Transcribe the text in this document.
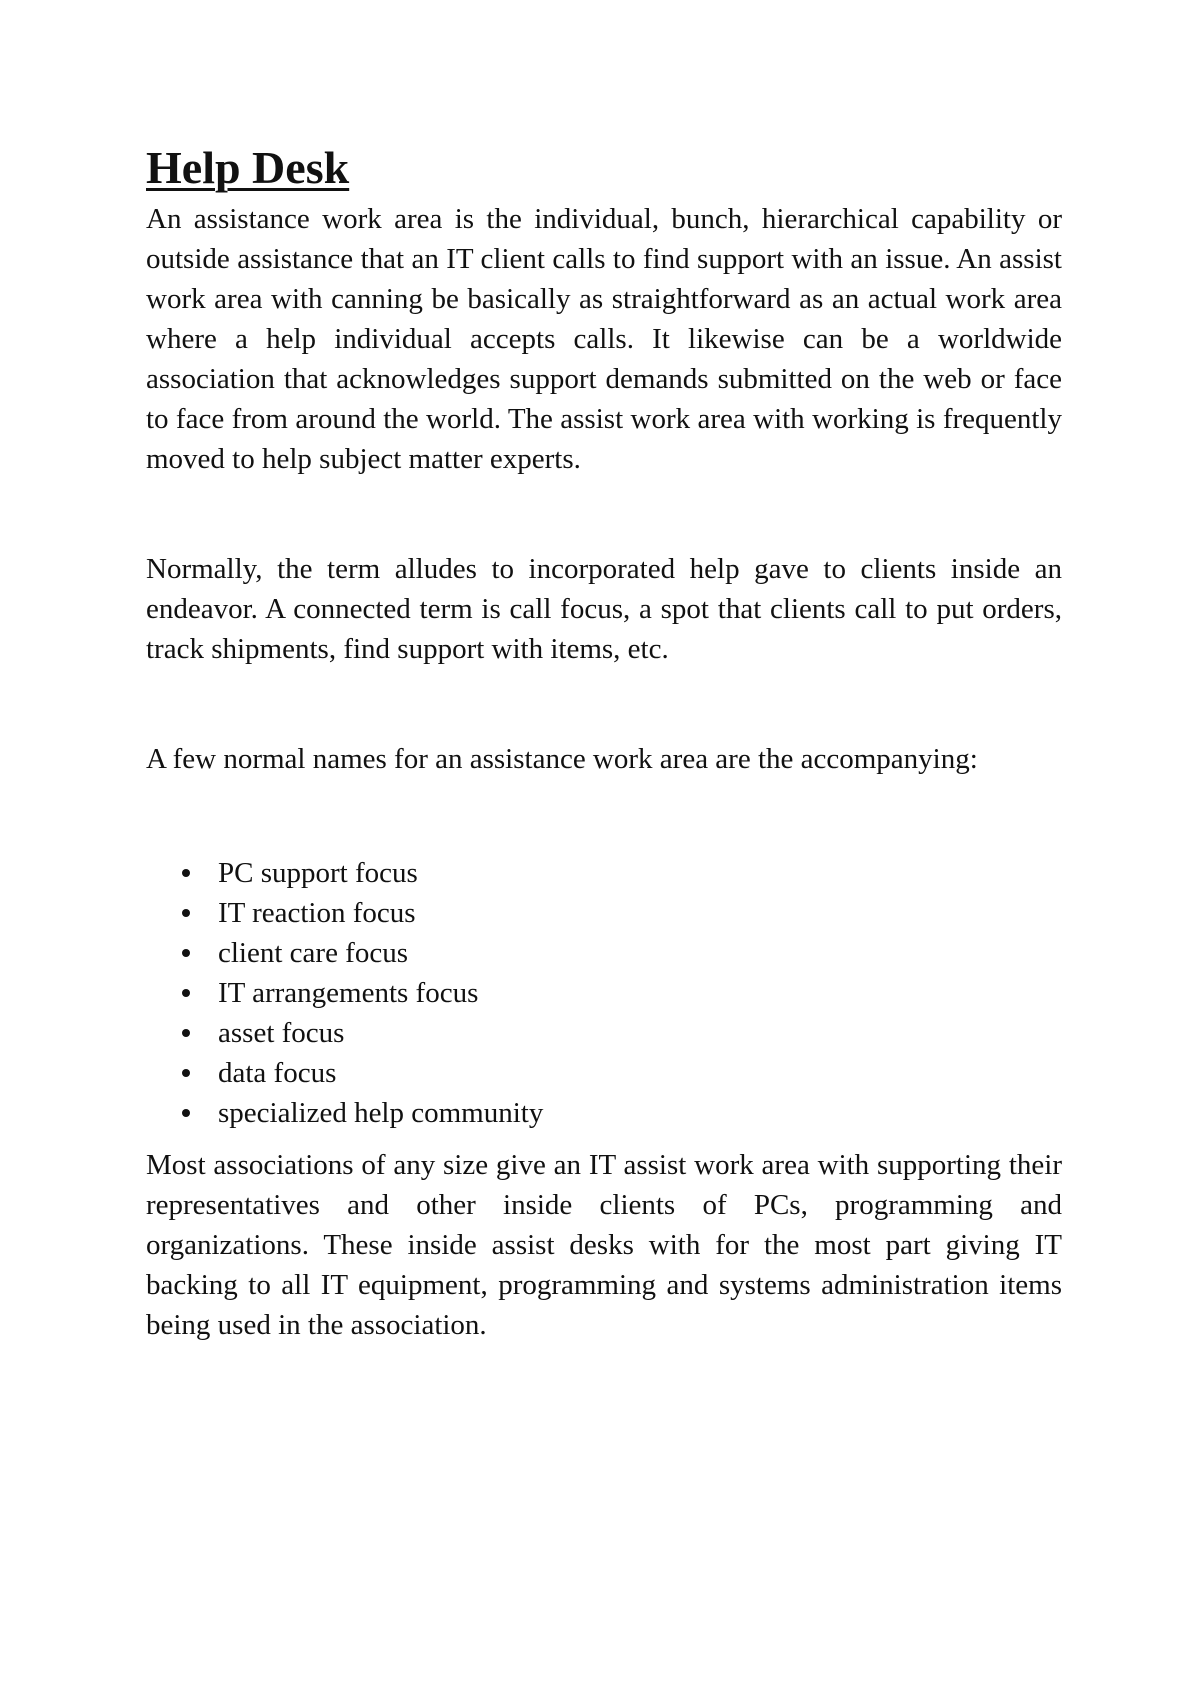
Help Desk

An assistance work area is the individual, bunch, hierarchical capability or outside assistance that an IT client calls to find support with an issue. An assist work area with canning be basically as straightforward as an actual work area where a help individual accepts calls. It likewise can be a worldwide association that acknowledges support demands submitted on the web or face to face from around the world. The assist work area with working is frequently moved to help subject matter experts.

Normally, the term alludes to incorporated help gave to clients inside an endeavor. A connected term is call focus, a spot that clients call to put orders, track shipments, find support with items, etc.

A few normal names for an assistance work area are the accompanying:

PC support focus
IT reaction focus
client care focus
IT arrangements focus
asset focus
data focus
specialized help community

Most associations of any size give an IT assist work area with supporting their representatives and other inside clients of PCs, programming and organizations. These inside assist desks with for the most part giving IT backing to all IT equipment, programming and systems administration items being used in the association.
